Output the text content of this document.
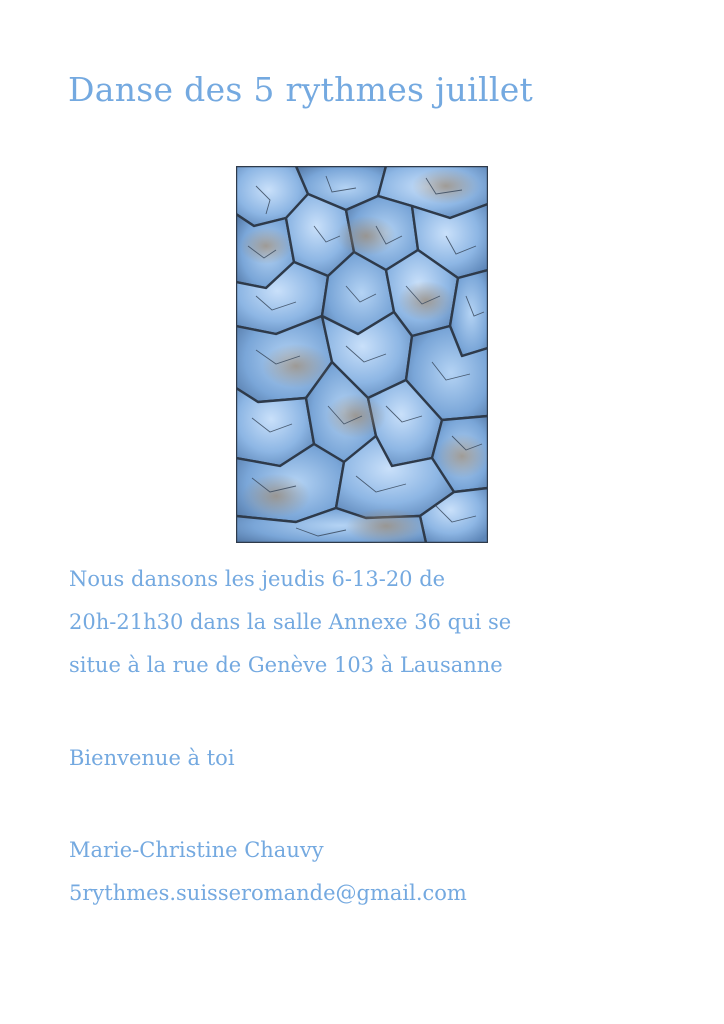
Danse des 5 rythmes juillet

Nous dansons les jeudis 6-13-20 de
20h-21h30 dans la salle Annexe 36 qui se
situe à la rue de Genève 103 à Lausanne

Bienvenue à toi

Marie-Christine Chauvy
5rythmes.suisseromande@gmail.com
